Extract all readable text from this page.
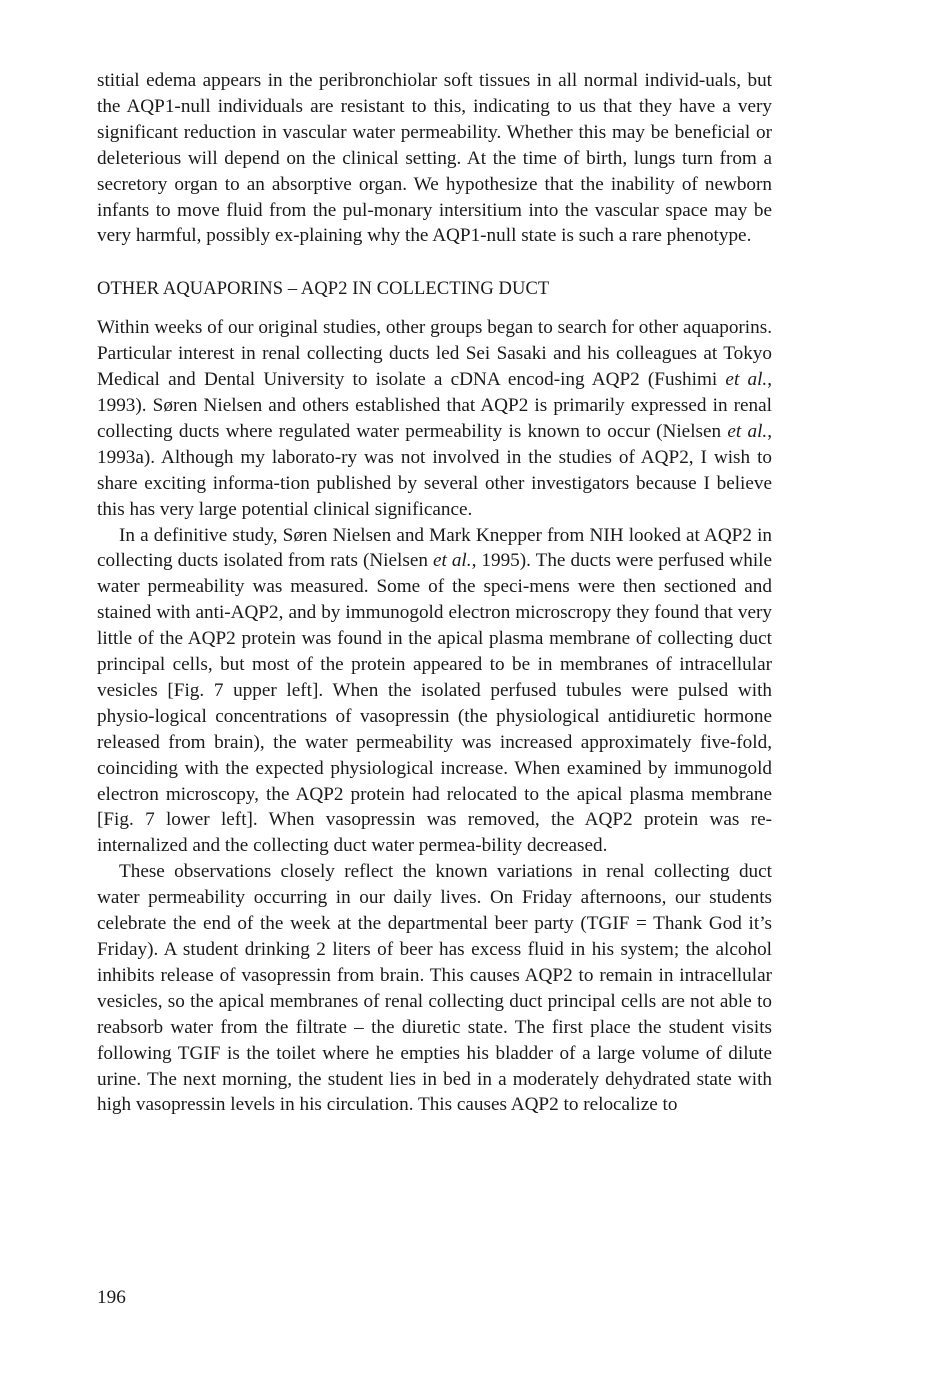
stitial edema appears in the peribronchiolar soft tissues in all normal individ-uals, but the AQP1-null individuals are resistant to this, indicating to us that they have a very significant reduction in vascular water permeability. Whether this may be beneficial or deleterious will depend on the clinical setting. At the time of birth, lungs turn from a secretory organ to an absorptive organ. We hypothesize that the inability of newborn infants to move fluid from the pul-monary intersitium into the vascular space may be very harmful, possibly ex-plaining why the AQP1-null state is such a rare phenotype.

OTHER AQUAPORINS – AQP2 IN COLLECTING DUCT

Within weeks of our original studies, other groups began to search for other aquaporins. Particular interest in renal collecting ducts led Sei Sasaki and his colleagues at Tokyo Medical and Dental University to isolate a cDNA encod-ing AQP2 (Fushimi et al., 1993). Søren Nielsen and others established that AQP2 is primarily expressed in renal collecting ducts where regulated water permeability is known to occur (Nielsen et al., 1993a). Although my laborato-ry was not involved in the studies of AQP2, I wish to share exciting informa-tion published by several other investigators because I believe this has very large potential clinical significance.

In a definitive study, Søren Nielsen and Mark Knepper from NIH looked at AQP2 in collecting ducts isolated from rats (Nielsen et al., 1995). The ducts were perfused while water permeability was measured. Some of the speci-mens were then sectioned and stained with anti-AQP2, and by immunogold electron microscropy they found that very little of the AQP2 protein was found in the apical plasma membrane of collecting duct principal cells, but most of the protein appeared to be in membranes of intracellular vesicles [Fig. 7 upper left]. When the isolated perfused tubules were pulsed with physio-logical concentrations of vasopressin (the physiological antidiuretic hormone released from brain), the water permeability was increased approximately five-fold, coinciding with the expected physiological increase. When examined by immunogold electron microscopy, the AQP2 protein had relocated to the apical plasma membrane [Fig. 7 lower left]. When vasopressin was removed, the AQP2 protein was re-internalized and the collecting duct water permea-bility decreased.

These observations closely reflect the known variations in renal collecting duct water permeability occurring in our daily lives. On Friday afternoons, our students celebrate the end of the week at the departmental beer party (TGIF = Thank God it’s Friday). A student drinking 2 liters of beer has excess fluid in his system; the alcohol inhibits release of vasopressin from brain. This causes AQP2 to remain in intracellular vesicles, so the apical membranes of renal collecting duct principal cells are not able to reabsorb water from the filtrate – the diuretic state. The first place the student visits following TGIF is the toilet where he empties his bladder of a large volume of dilute urine. The next morning, the student lies in bed in a moderately dehydrated state with high vasopressin levels in his circulation. This causes AQP2 to relocalize to

196
